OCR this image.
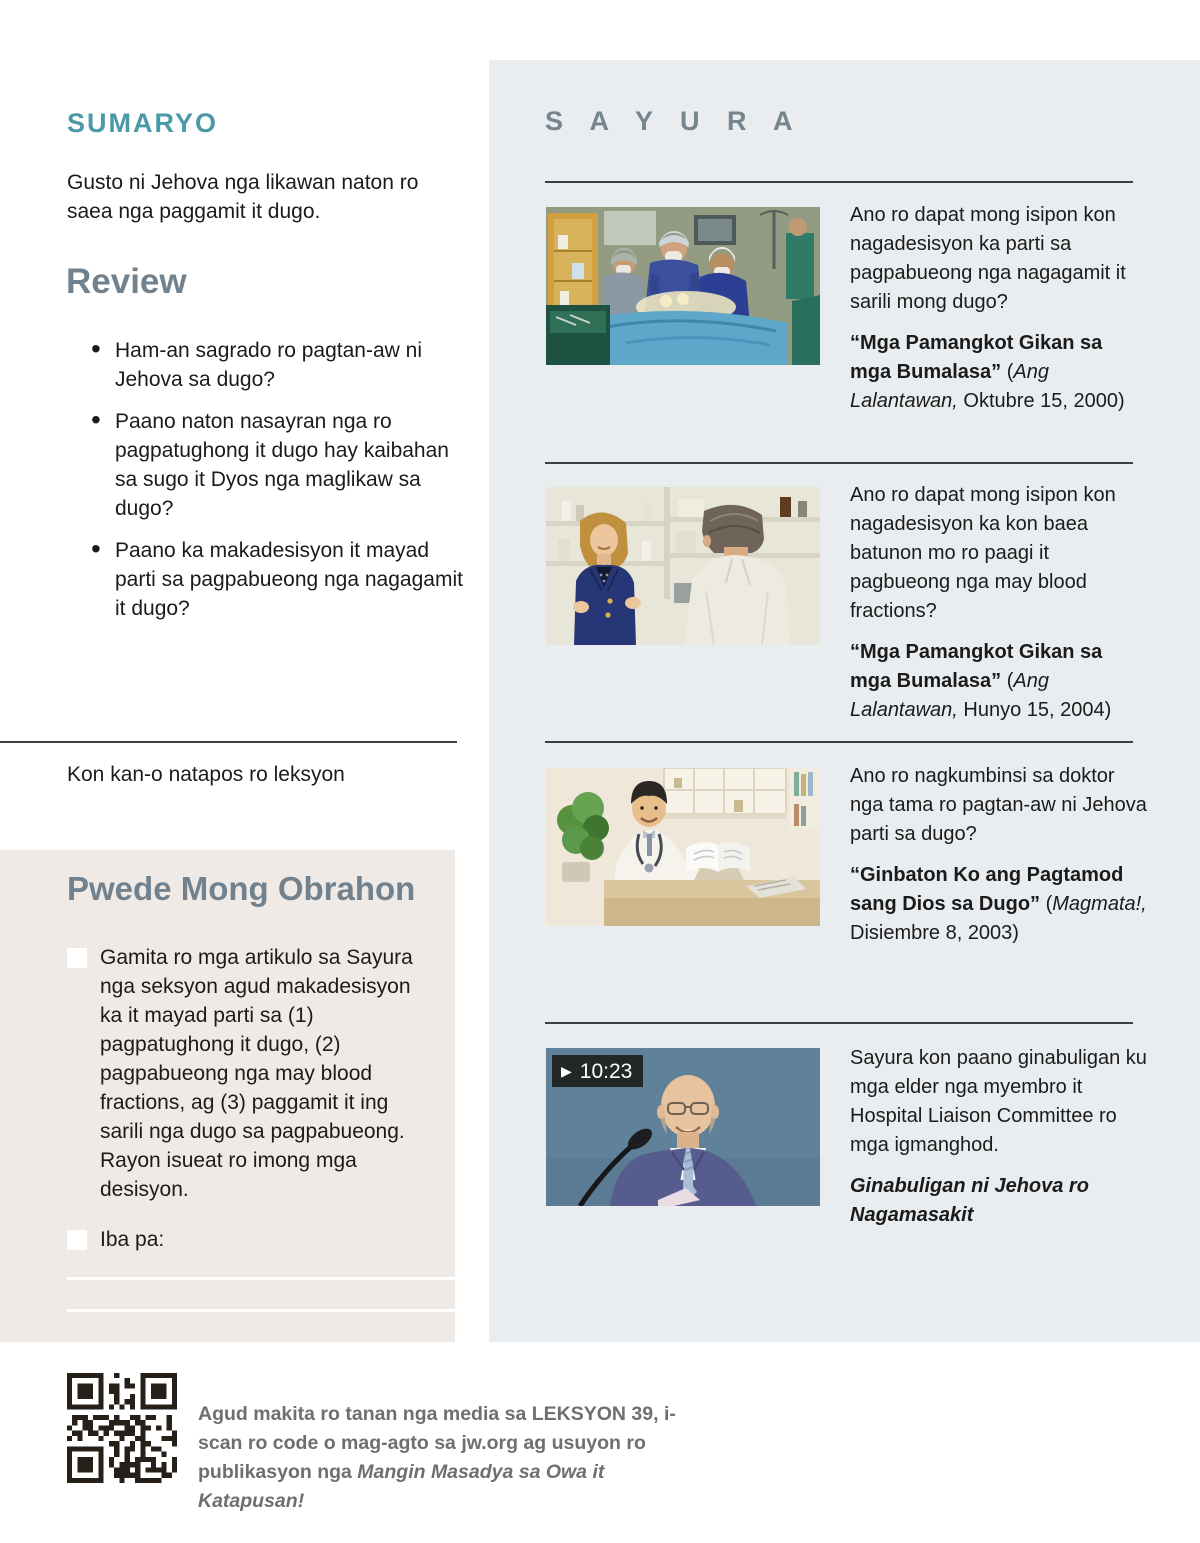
SUMARYO

Gusto ni Jehova nga likawan naton ro saea nga paggamit it dugo.

Review
• Ham-an sagrado ro pagtan-aw ni Jehova sa dugo?
• Paano naton nasayran nga ro pagpatughong it dugo hay kaibahan sa sugo it Dyos nga maglikaw sa dugo?
• Paano ka makadesisyon it mayad parti sa pagpabueong nga nagagamit it dugo?

Kon kan-o natapos ro leksyon

Pwede Mong Obrahon

Gamita ro mga artikulo sa Sayura nga seksyon agud makadesisyon ka it mayad parti sa (1) pagpatughong it dugo, (2) pagpabueong nga may blood fractions, ag (3) paggamit it ing sarili nga dugo sa pagpabueong. Rayon isueat ro imong mga desisyon.

Iba pa:

Agud makita ro tanan nga media sa LEKSYON 39, i-scan ro code o mag-agto sa jw.org ag usuyon ro publikasyon nga Mangin Masadya sa Owa it Katapusan!

S A Y U R A

Ano ro dapat mong isipon kon nagadesisyon ka parti sa pagpabueong nga nagagamit it sarili mong dugo?

“Mga Pamangkot Gikan sa mga Bumalasa” (Ang Lalantawan, Oktubre 15, 2000)

Ano ro dapat mong isipon kon nagadesisyon ka kon baea batunon mo ro paagi it pagbueong nga may blood fractions?

“Mga Pamangkot Gikan sa mga Bumalasa” (Ang Lalantawan, Hunyo 15, 2004)

Ano ro nagkumbinsi sa doktor nga tama ro pagtan-aw ni Jehova parti sa dugo?

“Ginbaton Ko ang Pagtamod sang Dios sa Dugo” (Magmata!, Disiembre 8, 2003)

▶ 10:23

Sayura kon paano ginabuligan ku mga elder nga myembro it Hospital Liaison Committee ro mga igmanghod.

Ginabuligan ni Jehova ro Nagamasakit
